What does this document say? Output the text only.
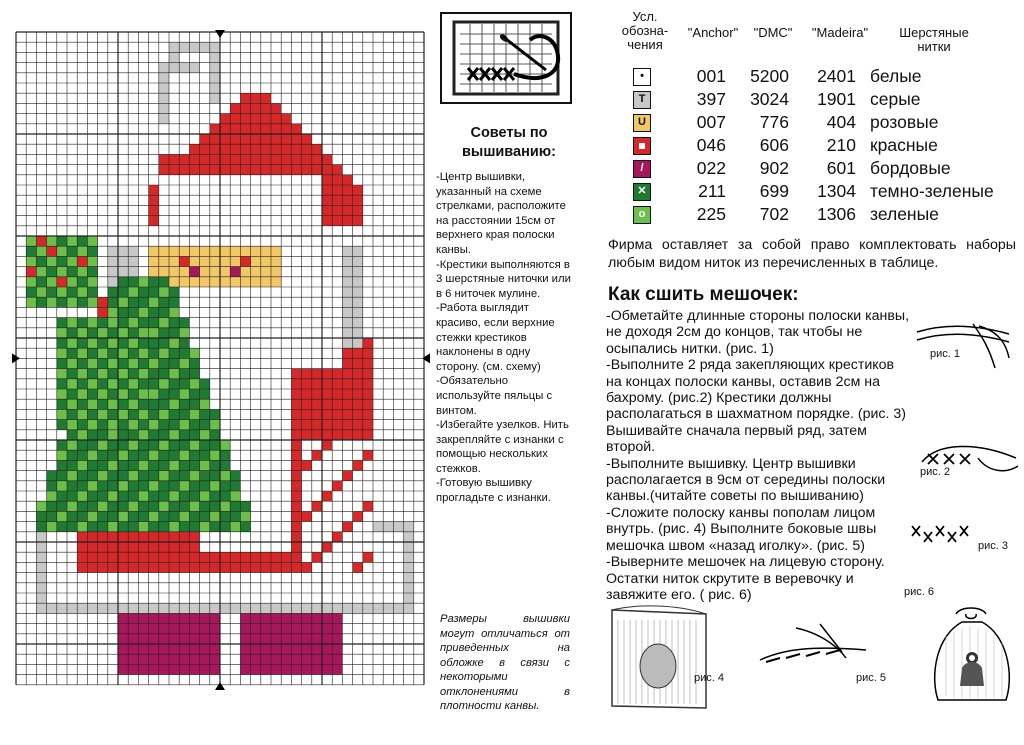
Советы по вышиванию:
- Центр вышивки, указанный на схеме стрелками, расположите на расстоянии 15см от верхнего края полоски канвы.
- Крестики выполняются в 3 шерстяные ниточки или в 6 ниточек мулине.
- Работа выглядит красиво, если верхние стежки крестиков наклонены в одну сторону. (см. схему)
- Обязательно используйте пяльцы с винтом.
- Избегайте узелков. Нить закрепляйте с изнанки с помощью нескольких стежков.
- Готовую вышивку прогладьте с изнанки.
Размеры вышивки могут отличаться от приведенных на обложке в связи с некоторыми отклонениями в плотности канвы.
Усл. обозна- чения
"Anchor"	"DMC"	"Madeira"	Шерстяные нитки
•	001	5200	2401 белые
T	397	3024	1901 серые
U	007	776	404 розовые
046	606	210 красные
/	022	902	601 бордовые
✕	211	699	1304 темно-зеленые
o	225	702	1306 зеленые
Фирма оставляет за собой право комплектовать наборы любым видом ниток из перечисленных в таблице.
Как сшить мешочек:
- Обметайте длинные стороны полоски канвы, не доходя 2см до концов, так чтобы не осыпались нитки. (рис. 1)
- Выполните 2 ряда закепляющих крестиков на концах полоски канвы, оставив 2см на бахрому. (рис.2) Крестики должны располагаться в шахматном порядке. (рис. 3) Вышивайте сначала первый ряд, затем второй.
- Выполните вышивку. Центр вышивки располагается в 9см от середины полоски канвы.(читайте советы по вышиванию)
- Сложите полоску канвы пополам лицом внутрь. (рис. 4) Выполните боковые швы мешочка швом «назад иголку». (рис. 5)
- Выверните мешочек на лицевую сторону. Остатки ниток скрутите в веревочку и завяжите его. ( рис. 6)
рис. 1
рис. 2
рис. 3
рис. 4	рис. 5
рис. 6
